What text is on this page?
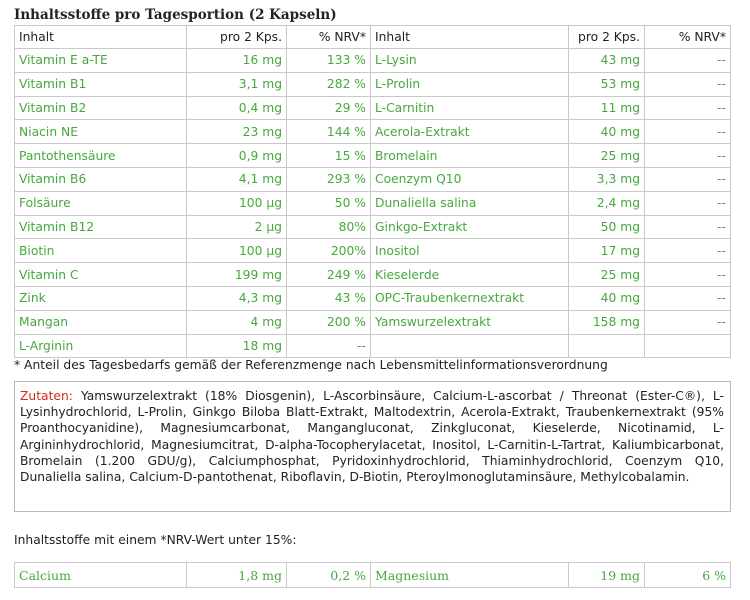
Inhaltsstoffe pro Tagesportion (2 Kapseln)
Inhalt	pro 2 Kps.	% NRV*	Inhalt	pro 2 Kps.	% NRV*
Vitamin E a-TE	16 mg	133 %	L-Lysin	43 mg	--
Vitamin B1	3,1 mg	282 %	L-Prolin	53 mg	--
Vitamin B2	0,4 mg	29 %	L-Carnitin	11 mg	--
Niacin NE	23 mg	144 %	Acerola-Extrakt	40 mg	--
Pantothensäure	0,9 mg	15 %	Bromelain	25 mg	--
Vitamin B6	4,1 mg	293 %	Coenzym Q10	3,3 mg	--
Folsäure	100 µg	50 %	Dunaliella salina	2,4 mg	--
Vitamin B12	2 µg	80%	Ginkgo-Extrakt	50 mg	--
Biotin	100 µg	200%	Inositol	17 mg	--
Vitamin C	199 mg	249 %	Kieselerde	25 mg	--
Zink	4,3 mg	43 %	OPC-Traubenkernextrakt	40 mg	--
Mangan	4 mg	200 %	Yamswurzelextrakt	158 mg	--
L-Arginin	18 mg	--			
* Anteil des Tagesbedarfs gemäß der Referenzmenge nach Lebensmittelinformationsverordnung
Zutaten: Yamswurzelextrakt (18% Diosgenin), L-Ascorbinsäure, Calcium-L-ascorbat / Threonat (Ester-C®), L-Lysinhydrochlorid, L-Prolin, Ginkgo Biloba Blatt-Extrakt, Maltodextrin, Acerola-Extrakt, Traubenkernextrakt (95% Proanthocyanidine), Magnesiumcarbonat, Mangangluconat, Zinkgluconat, Kieselerde, Nicotinamid, L-Argininhydrochlorid, Magnesiumcitrat, D-alpha-Tocopherylacetat, Inositol, L-Carnitin-L-Tartrat, Kaliumbicarbonat, Bromelain (1.200 GDU/g), Calciumphosphat, Pyridoxinhydrochlorid, Thiaminhydrochlorid, Coenzym Q10, Dunaliella salina, Calcium-D-pantothenat, Riboflavin, D-Biotin, Pteroylmonoglutaminsäure, Methylcobalamin.
Inhaltsstoffe mit einem *NRV-Wert unter 15%:
Calcium	1,8 mg	0,2 %	Magnesium	19 mg	6 %
